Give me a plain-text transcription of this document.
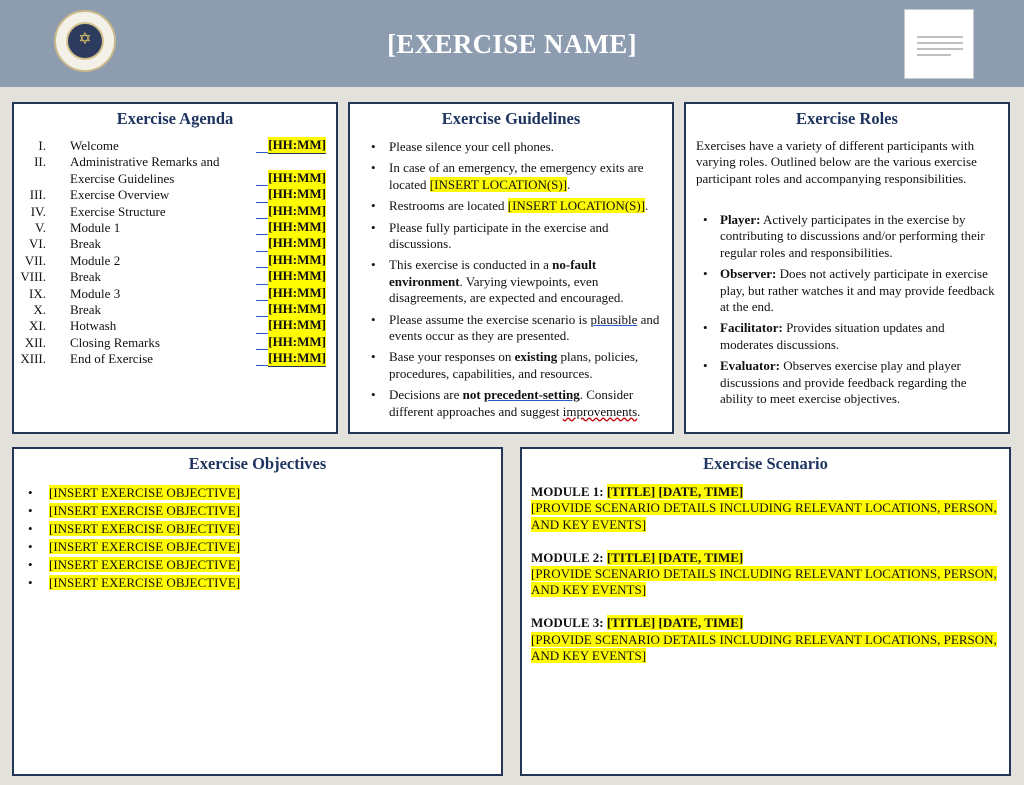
✡	[EXERCISE NAME]
Exercise Agenda
I. Welcome	[HH:MM]
II. Administrative Remarks and Exercise Guidelines	[HH:MM]
III. Exercise Overview	[HH:MM]
IV. Exercise Structure	[HH:MM]
V. Module 1	[HH:MM]
VI. Break	[HH:MM]
VII. Module 2	[HH:MM]
VIII. Break	[HH:MM]
IX. Module 3	[HH:MM]
X. Break	[HH:MM]
XI. Hotwash	[HH:MM]
XII. Closing Remarks	[HH:MM]
XIII. End of Exercise	[HH:MM]
Exercise Guidelines
• Please silence your cell phones.
• In case of an emergency, the emergency exits are located [INSERT LOCATION(S)].
• Restrooms are located [INSERT LOCATION(S)].
• Please fully participate in the exercise and discussions.
• This exercise is conducted in a no-fault environment. Varying viewpoints, even disagreements, are expected and encouraged.
• Please assume the exercise scenario is plausible and events occur as they are presented.
• Base your responses on existing plans, policies, procedures, capabilities, and resources.
• Decisions are not precedent-setting. Consider different approaches and suggest improvements.
Exercise Roles
Exercises have a variety of different participants with varying roles. Outlined below are the various exercise participant roles and accompanying responsibilities.
• Player: Actively participates in the exercise by contributing to discussions and/or performing their regular roles and responsibilities.
• Observer: Does not actively participate in exercise play, but rather watches it and may provide feedback at the end.
• Facilitator: Provides situation updates and moderates discussions.
• Evaluator: Observes exercise play and player discussions and provide feedback regarding the ability to meet exercise objectives.
Exercise Objectives
• [INSERT EXERCISE OBJECTIVE]
• [INSERT EXERCISE OBJECTIVE]
• [INSERT EXERCISE OBJECTIVE]
• [INSERT EXERCISE OBJECTIVE]
• [INSERT EXERCISE OBJECTIVE]
• [INSERT EXERCISE OBJECTIVE]
Exercise Scenario
MODULE 1: [TITLE] [DATE, TIME]
[PROVIDE SCENARIO DETAILS INCLUDING RELEVANT LOCATIONS, PERSON, AND KEY EVENTS]
MODULE 2: [TITLE] [DATE, TIME]
[PROVIDE SCENARIO DETAILS INCLUDING RELEVANT LOCATIONS, PERSON, AND KEY EVENTS]
MODULE 3: [TITLE] [DATE, TIME]
[PROVIDE SCENARIO DETAILS INCLUDING RELEVANT LOCATIONS, PERSON, AND KEY EVENTS]
